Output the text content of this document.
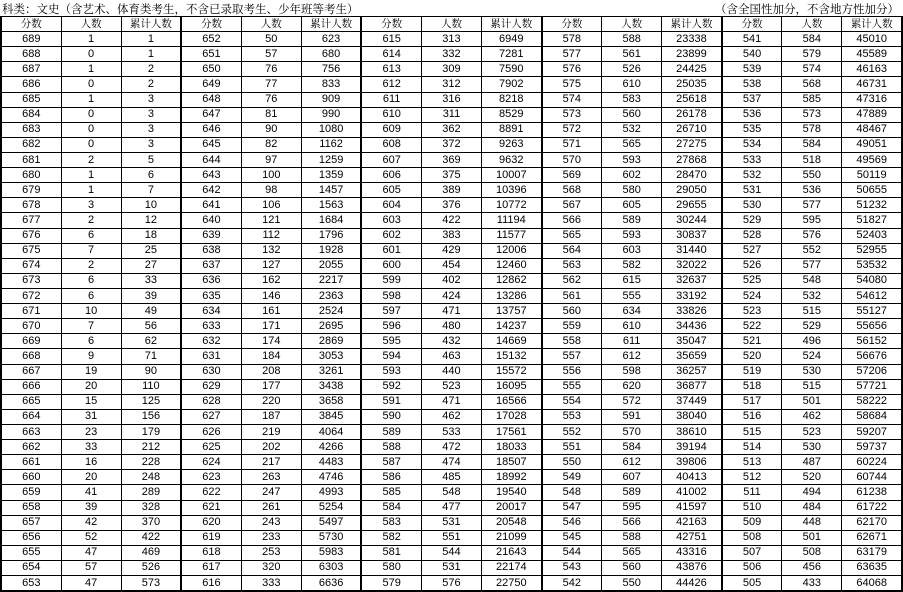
科类：文史（含艺术、体育类考生，不含已录取考生、少年班等考生）	（含全国性加分，不含地方性加分）
分数	人数	累计人数	分数	人数	累计人数	分数	人数	累计人数	分数	人数	累计人数	分数	人数	累计人数
689	1	1	652	50	623	615	313	6949	578	588	23338	541	584	45010
688	0	1	651	57	680	614	332	7281	577	561	23899	540	579	45589
687	1	2	650	76	756	613	309	7590	576	526	24425	539	574	46163
686	0	2	649	77	833	612	312	7902	575	610	25035	538	568	46731
685	1	3	648	76	909	611	316	8218	574	583	25618	537	585	47316
684	0	3	647	81	990	610	311	8529	573	560	26178	536	573	47889
683	0	3	646	90	1080	609	362	8891	572	532	26710	535	578	48467
682	0	3	645	82	1162	608	372	9263	571	565	27275	534	584	49051
681	2	5	644	97	1259	607	369	9632	570	593	27868	533	518	49569
680	1	6	643	100	1359	606	375	10007	569	602	28470	532	550	50119
679	1	7	642	98	1457	605	389	10396	568	580	29050	531	536	50655
678	3	10	641	106	1563	604	376	10772	567	605	29655	530	577	51232
677	2	12	640	121	1684	603	422	11194	566	589	30244	529	595	51827
676	6	18	639	112	1796	602	383	11577	565	593	30837	528	576	52403
675	7	25	638	132	1928	601	429	12006	564	603	31440	527	552	52955
674	2	27	637	127	2055	600	454	12460	563	582	32022	526	577	53532
673	6	33	636	162	2217	599	402	12862	562	615	32637	525	548	54080
672	6	39	635	146	2363	598	424	13286	561	555	33192	524	532	54612
671	10	49	634	161	2524	597	471	13757	560	634	33826	523	515	55127
670	7	56	633	171	2695	596	480	14237	559	610	34436	522	529	55656
669	6	62	632	174	2869	595	432	14669	558	611	35047	521	496	56152
668	9	71	631	184	3053	594	463	15132	557	612	35659	520	524	56676
667	19	90	630	208	3261	593	440	15572	556	598	36257	519	530	57206
666	20	110	629	177	3438	592	523	16095	555	620	36877	518	515	57721
665	15	125	628	220	3658	591	471	16566	554	572	37449	517	501	58222
664	31	156	627	187	3845	590	462	17028	553	591	38040	516	462	58684
663	23	179	626	219	4064	589	533	17561	552	570	38610	515	523	59207
662	33	212	625	202	4266	588	472	18033	551	584	39194	514	530	59737
661	16	228	624	217	4483	587	474	18507	550	612	39806	513	487	60224
660	20	248	623	263	4746	586	485	18992	549	607	40413	512	520	60744
659	41	289	622	247	4993	585	548	19540	548	589	41002	511	494	61238
658	39	328	621	261	5254	584	477	20017	547	595	41597	510	484	61722
657	42	370	620	243	5497	583	531	20548	546	566	42163	509	448	62170
656	52	422	619	233	5730	582	551	21099	545	588	42751	508	501	62671
655	47	469	618	253	5983	581	544	21643	544	565	43316	507	508	63179
654	57	526	617	320	6303	580	531	22174	543	560	43876	506	456	63635
653	47	573	616	333	6636	579	576	22750	542	550	44426	505	433	64068
